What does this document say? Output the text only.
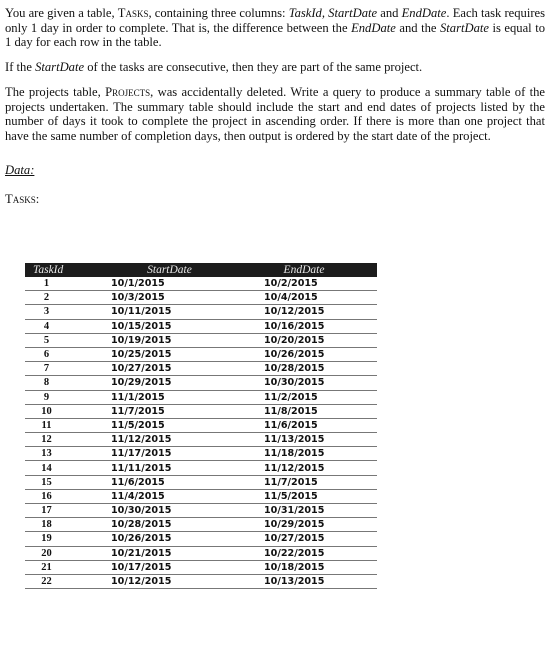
You are given a table, Tasks, containing three columns: TaskId, StartDate and EndDate. Each task requires only 1 day in order to complete. That is, the difference between the EndDate and the StartDate is equal to 1 day for each row in the table.

If the StartDate of the tasks are consecutive, then they are part of the same project.

The projects table, Projects, was accidentally deleted. Write a query to produce a summary table of the projects undertaken. The summary table should include the start and end dates of projects listed by the number of days it took to complete the project in ascending order. If there is more than one project that have the same number of completion days, then output is ordered by the start date of the project.

Data:
Tasks:
TaskId	StartDate	EndDate
1	10/1/2015	10/2/2015
2	10/3/2015	10/4/2015
3	10/11/2015	10/12/2015
4	10/15/2015	10/16/2015
5	10/19/2015	10/20/2015
6	10/25/2015	10/26/2015
7	10/27/2015	10/28/2015
8	10/29/2015	10/30/2015
9	11/1/2015	11/2/2015
10	11/7/2015	11/8/2015
11	11/5/2015	11/6/2015
12	11/12/2015	11/13/2015
13	11/17/2015	11/18/2015
14	11/11/2015	11/12/2015
15	11/6/2015	11/7/2015
16	11/4/2015	11/5/2015
17	10/30/2015	10/31/2015
18	10/28/2015	10/29/2015
19	10/26/2015	10/27/2015
20	10/21/2015	10/22/2015
21	10/17/2015	10/18/2015
22	10/12/2015	10/13/2015
